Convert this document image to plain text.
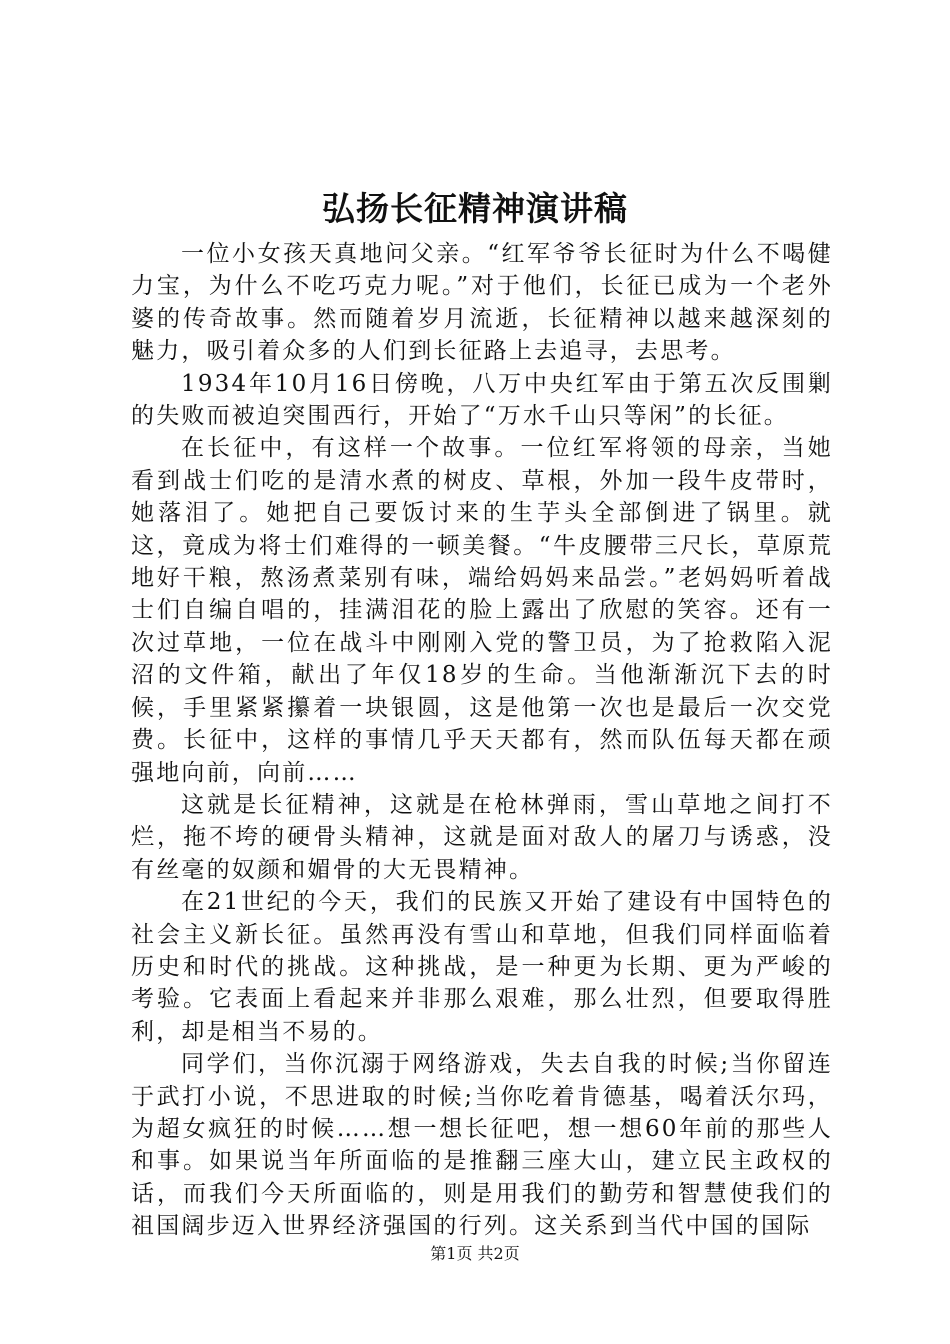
弘扬长征精神演讲稿

一位小女孩天真地问父亲。“红军爷爷长征时为什么不喝健力宝，为什么不吃巧克力呢。”对于他们，长征已成为一个老外婆的传奇故事。然而随着岁月流逝，长征精神以越来越深刻的魅力，吸引着众多的人们到长征路上去追寻，去思考。

1934年10月16日傍晚，八万中央红军由于第五次反围剿的失败而被迫突围西行，开始了“万水千山只等闲”的长征。

在长征中，有这样一个故事。一位红军将领的母亲，当她看到战士们吃的是清水煮的树皮、草根，外加一段牛皮带时，她落泪了。她把自己要饭讨来的生芋头全部倒进了锅里。就这，竟成为将士们难得的一顿美餐。“牛皮腰带三尺长，草原荒地好干粮，熬汤煮菜别有味，端给妈妈来品尝。”老妈妈听着战士们自编自唱的，挂满泪花的脸上露出了欣慰的笑容。还有一次过草地，一位在战斗中刚刚入党的警卫员，为了抢救陷入泥沼的文件箱，献出了年仅18岁的生命。当他渐渐沉下去的时候，手里紧紧攥着一块银圆，这是他第一次也是最后一次交党费。长征中，这样的事情几乎天天都有，然而队伍每天都在顽强地向前，向前……

这就是长征精神，这就是在枪林弹雨，雪山草地之间打不烂，拖不垮的硬骨头精神，这就是面对敌人的屠刀与诱惑，没有丝毫的奴颜和媚骨的大无畏精神。

在21世纪的今天，我们的民族又开始了建设有中国特色的社会主义新长征。虽然再没有雪山和草地，但我们同样面临着历史和时代的挑战。这种挑战，是一种更为长期、更为严峻的考验。它表面上看起来并非那么艰难，那么壮烈，但要取得胜利，却是相当不易的。

同学们，当你沉溺于网络游戏，失去自我的时候;当你留连于武打小说，不思进取的时候;当你吃着肯德基，喝着沃尔玛，为超女疯狂的时候……想一想长征吧，想一想60年前的那些人和事。如果说当年所面临的是推翻三座大山，建立民主政权的话，而我们今天所面临的，则是用我们的勤劳和智慧使我们的祖国阔步迈入世界经济强国的行列。这关系到当代中国的国际

第1页 共2页
